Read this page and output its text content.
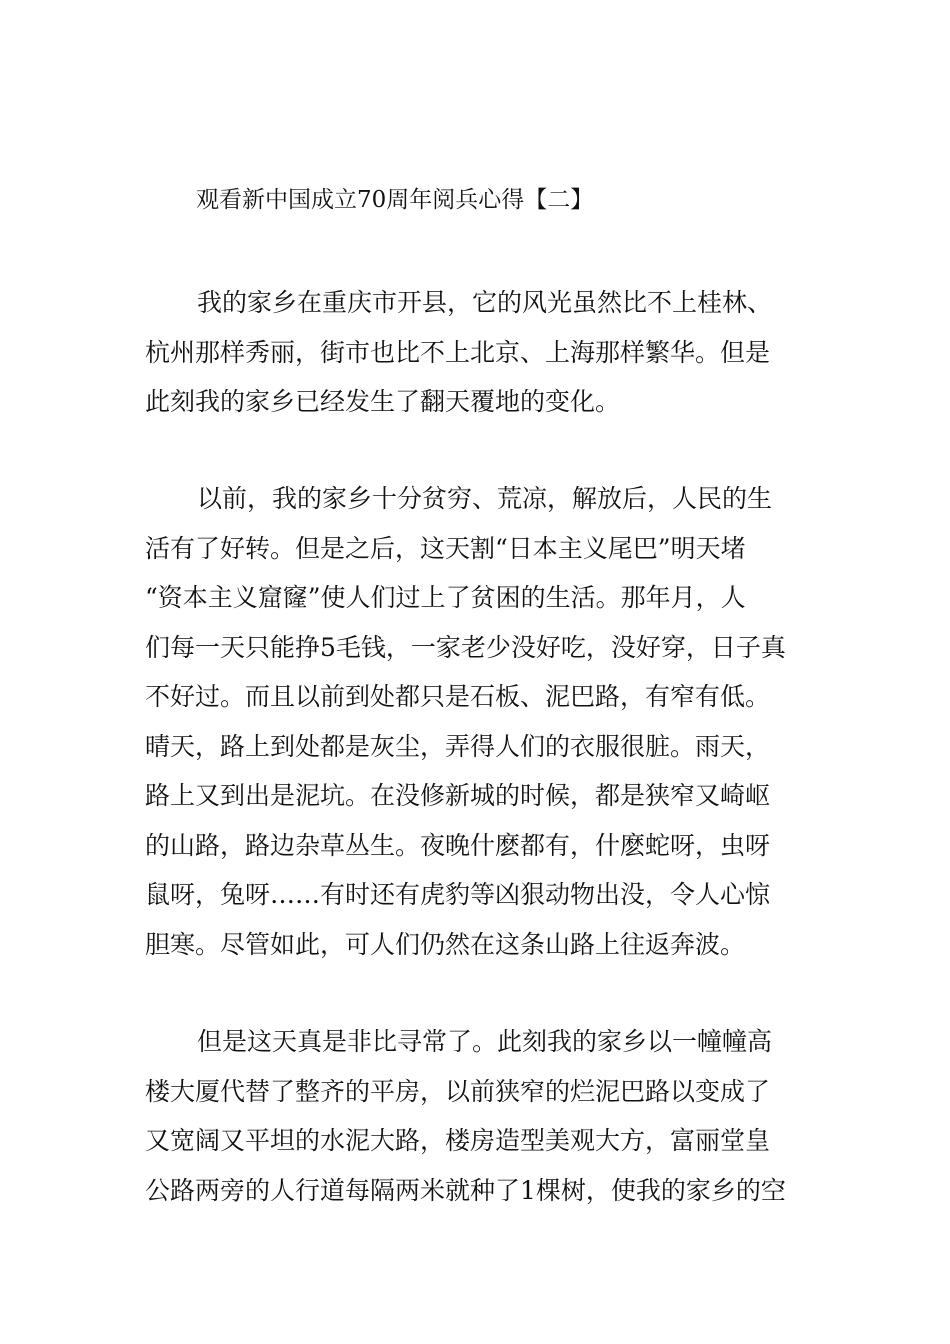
观看新中国成立70周年阅兵心得【二】
我的家乡在重庆市开县，它的风光虽然比不上桂林、
杭州那样秀丽，街市也比不上北京、上海那样繁华。但是
此刻我的家乡已经发生了翻天覆地的变化。
以前，我的家乡十分贫穷、荒凉，解放后，人民的生
活有了好转。但是之后，这天割“日本主义尾巴”明天堵
“资本主义窟窿”使人们过上了贫困的生活。那年月，人
们每一天只能挣5毛钱，一家老少没好吃，没好穿，日子真
不好过。而且以前到处都只是石板、泥巴路，有窄有低。
晴天，路上到处都是灰尘，弄得人们的衣服很脏。雨天，
路上又到出是泥坑。在没修新城的时候，都是狭窄又崎岖
的山路，路边杂草丛生。夜晚什麽都有，什麽蛇呀，虫呀
鼠呀，兔呀……有时还有虎豹等凶狠动物出没，令人心惊
胆寒。尽管如此，可人们仍然在这条山路上往返奔波。
但是这天真是非比寻常了。此刻我的家乡以一幢幢高
楼大厦代替了整齐的平房，以前狭窄的烂泥巴路以变成了
又宽阔又平坦的水泥大路，楼房造型美观大方，富丽堂皇
公路两旁的人行道每隔两米就种了1棵树，使我的家乡的空
